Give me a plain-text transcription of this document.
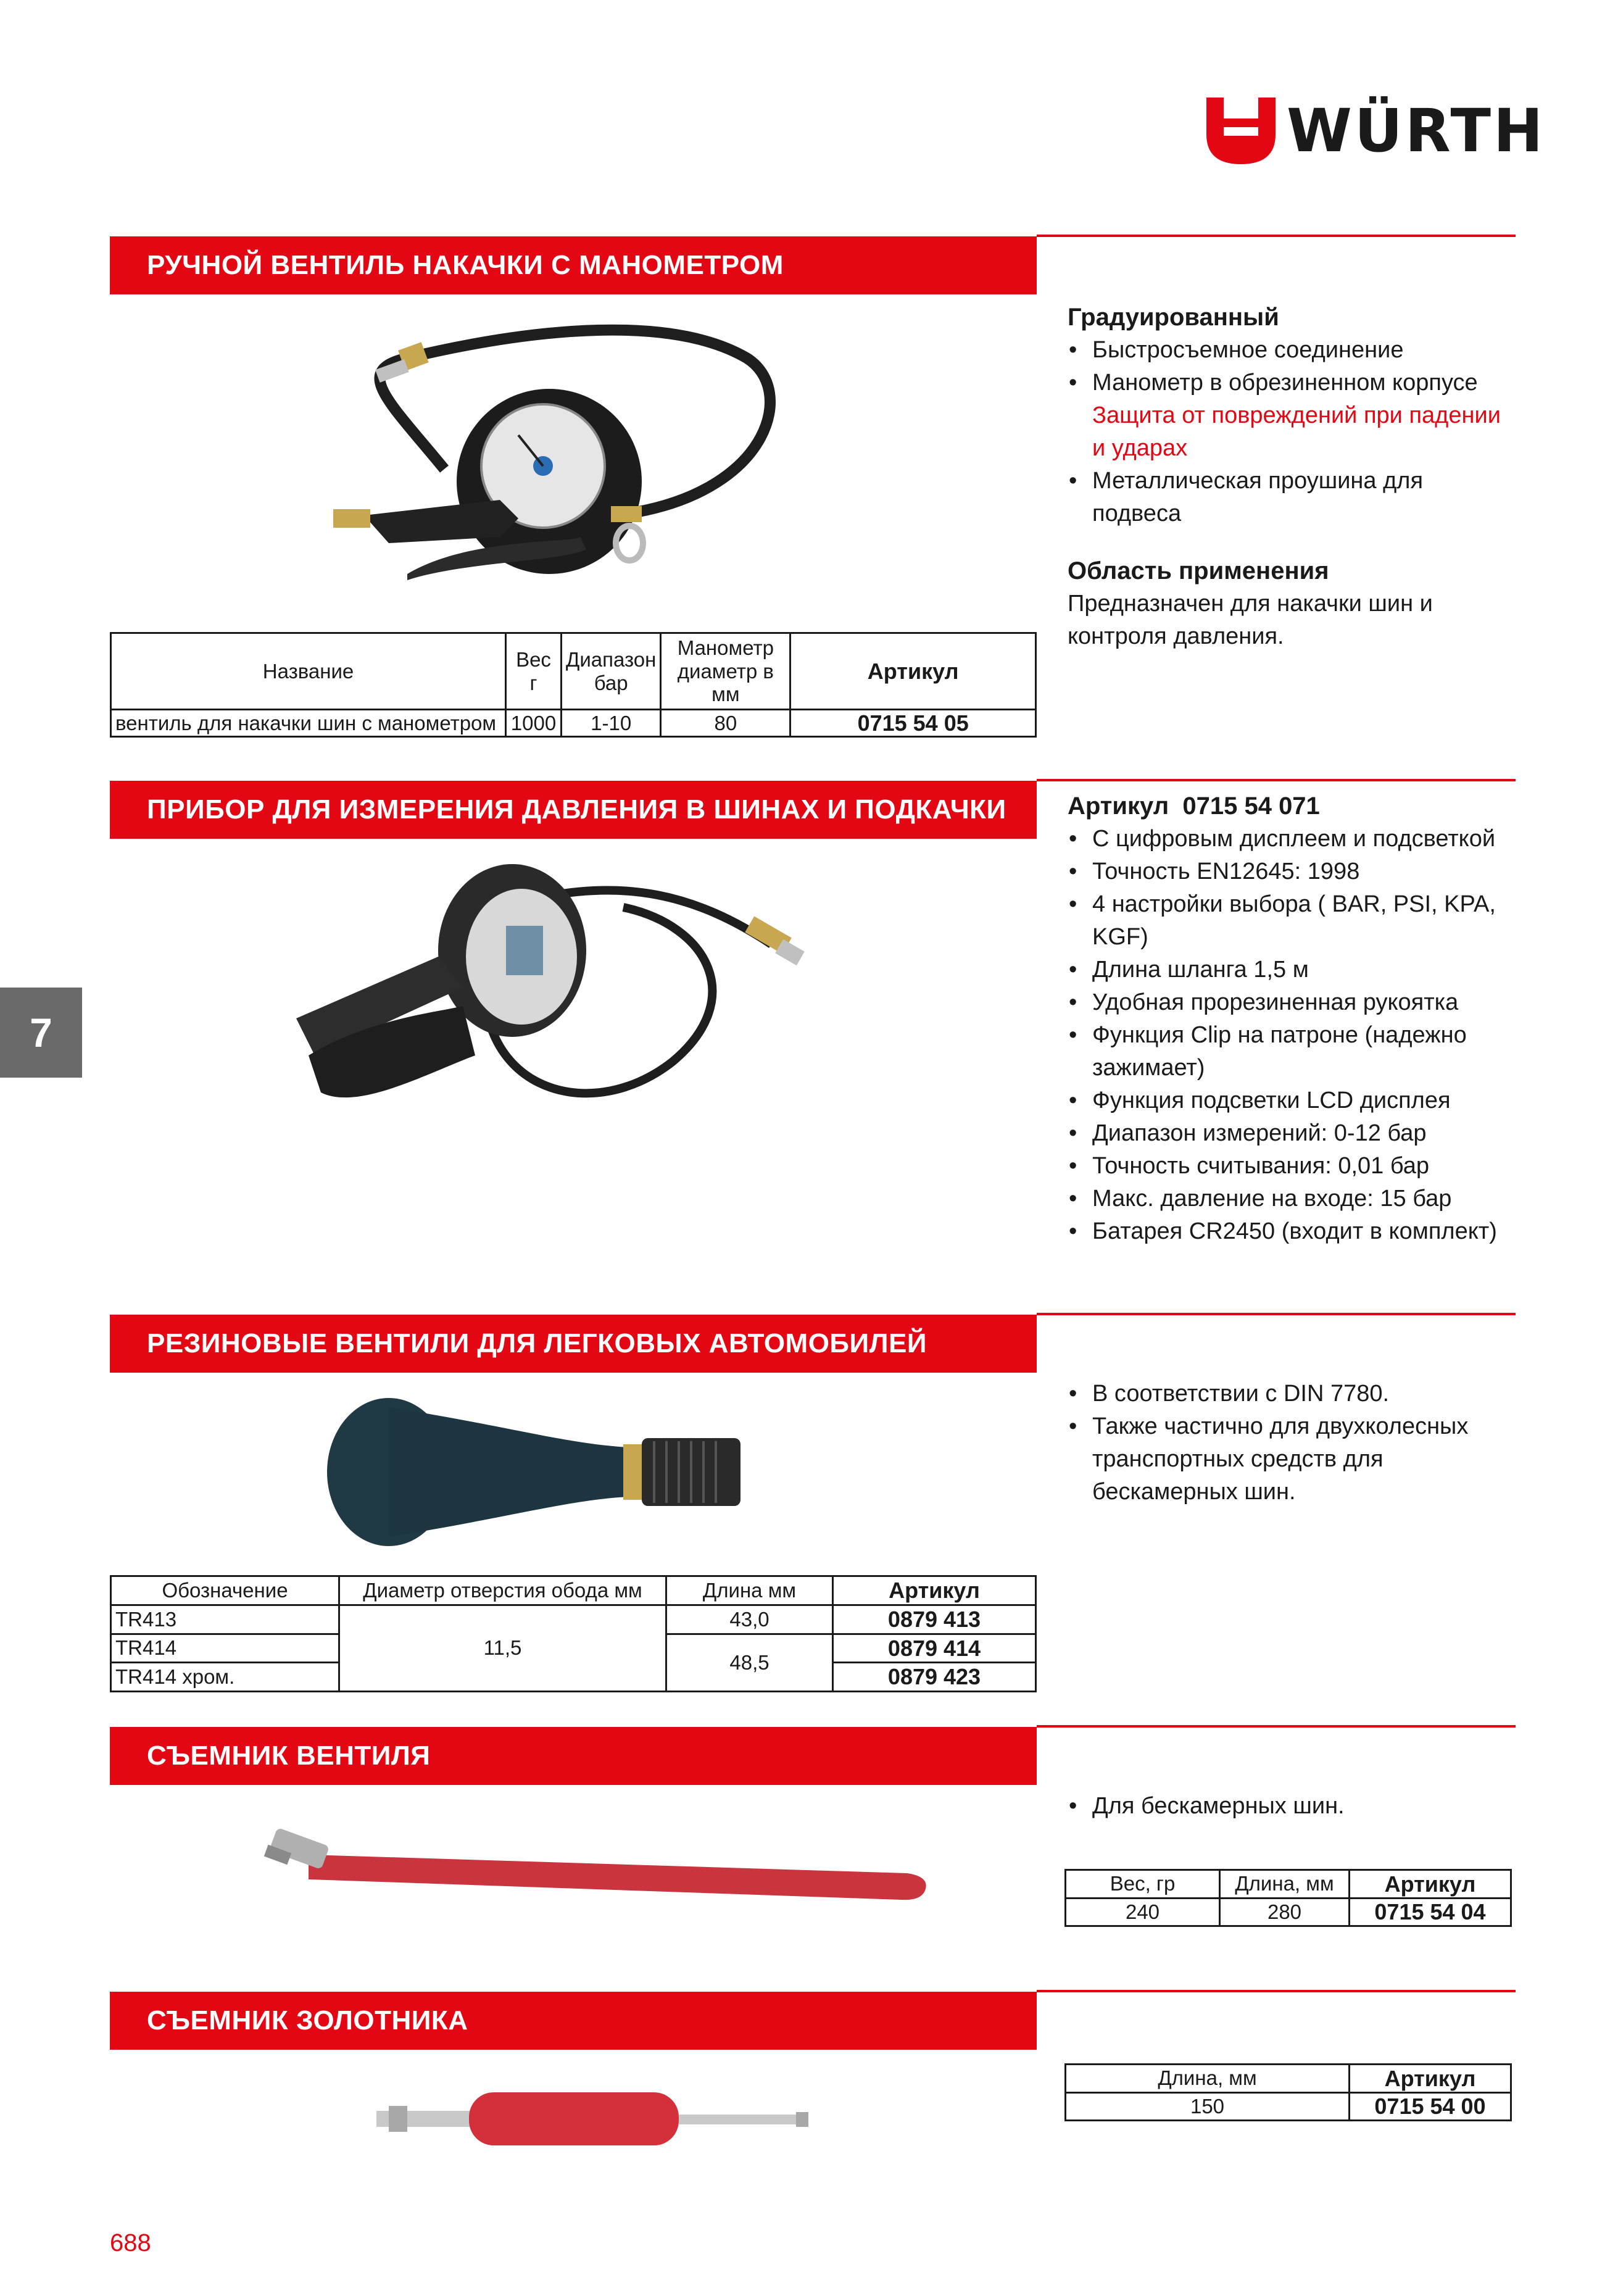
WÜRTH
РУЧНОЙ ВЕНТИЛЬ НАКАЧКИ С МАНОМЕТРОМ
Название	Вес г	Диапазон бар	Манометр диаметр в мм	Артикул
вентиль для накачки шин с манометром	1000	1-10	80	0715 54 05
Градуированный
• Быстросъемное соединение
• Манометр в обрезиненном корпусе
Защита от повреждений при падении и ударах
• Металлическая проушина для подвеса
Область применения
Предназначен для накачки шин и контроля давления.
ПРИБОР ДЛЯ ИЗМЕРЕНИЯ ДАВЛЕНИЯ В ШИНАХ И ПОДКАЧКИ	Артикул 0715 54 071
• С цифровым дисплеем и подсветкой
• Точность EN12645: 1998
• 4 настройки выбора ( BAR, PSI, KPA, KGF)
• Длина шланга 1,5 м
• Удобная прорезиненная рукоятка
• Функция Clip на патроне (надежно зажимает)
• Функция подсветки LCD дисплея
• Диапазон измерений: 0-12 бар
• Точность считывания: 0,01 бар
• Макс. давление на входе: 15 бар
• Батарея CR2450 (входит в комплект)
РЕЗИНОВЫЕ ВЕНТИЛИ ДЛЯ ЛЕГКОВЫХ АВТОМОБИЛЕЙ
Обозначение	Диаметр отверстия обода мм	Длина мм	Артикул
TR413	11,5	43,0	0879 413
TR414		48,5	0879 414
TR414 хром.			0879 423
• В соответствии с DIN 7780.
• Также частично для двухколесных транспортных средств для бескамерных шин.
СЪЕМНИК ВЕНТИЛЯ
• Для бескамерных шин.
Вес, гр	Длина, мм	Артикул
240	280	0715 54 04
СЪЕМНИК ЗОЛОТНИКА
Длина, мм	Артикул
150	0715 54 00
7
688
